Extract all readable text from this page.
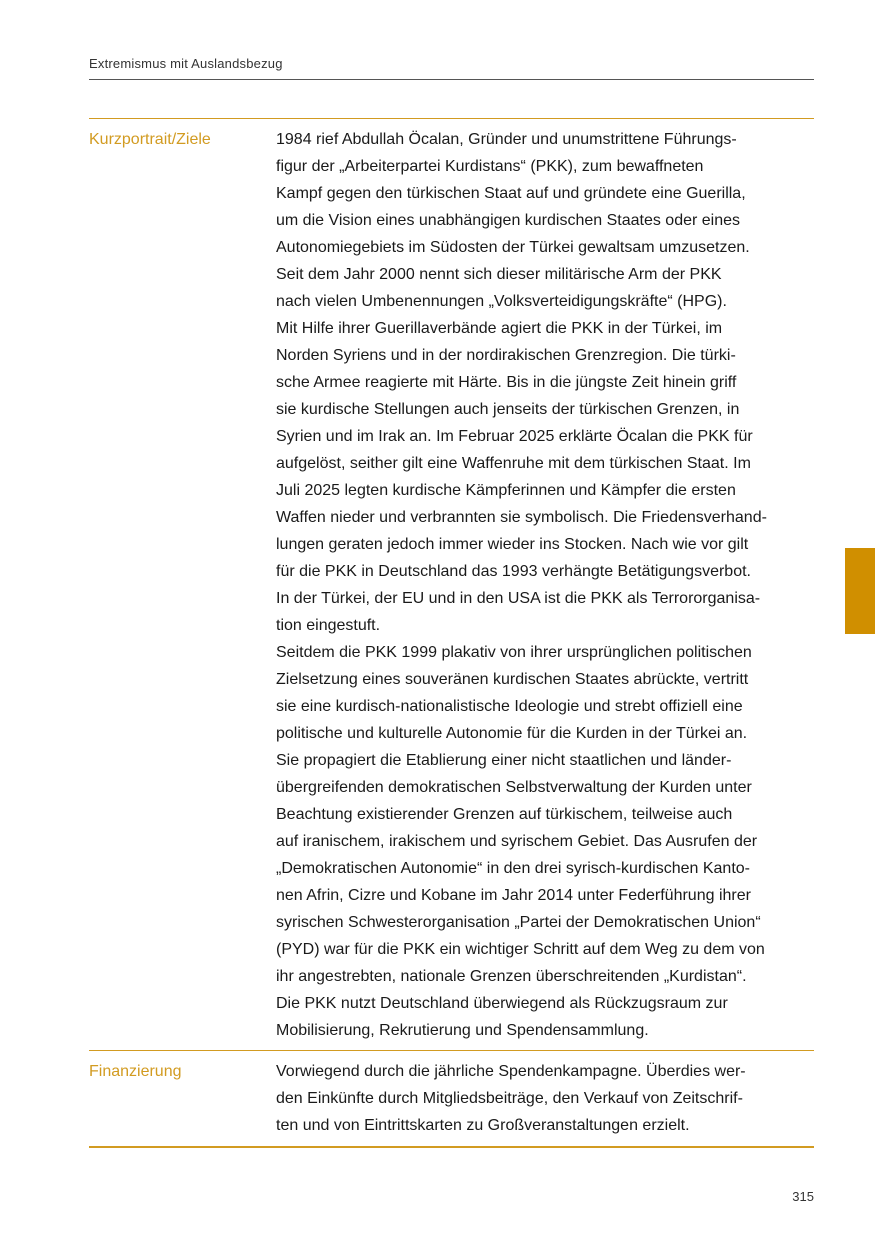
Extremismus mit Auslandsbezug
Kurzportrait/Ziele	1984 rief Abdullah Öcalan, Gründer und unumstrittene Führungs-
figur der „Arbeiterpartei Kurdistans“ (PKK), zum bewaffneten
Kampf gegen den türkischen Staat auf und gründete eine Guerilla,
um die Vision eines unabhängigen kurdischen Staates oder eines
Autonomiegebiets im Südosten der Türkei gewaltsam umzusetzen.
Seit dem Jahr 2000 nennt sich dieser militärische Arm der PKK
nach vielen Umbenennungen „Volksverteidigungskräfte“ (HPG).
Mit Hilfe ihrer Guerillaverbände agiert die PKK in der Türkei, im
Norden Syriens und in der nordirakischen Grenzregion. Die türki-
sche Armee reagierte mit Härte. Bis in die jüngste Zeit hinein griff
sie kurdische Stellungen auch jenseits der türkischen Grenzen, in
Syrien und im Irak an. Im Februar 2025 erklärte Öcalan die PKK für
aufgelöst, seither gilt eine Waffenruhe mit dem türkischen Staat. Im
Juli 2025 legten kurdische Kämpferinnen und Kämpfer die ersten
Waffen nieder und verbrannten sie symbolisch. Die Friedensverhand-
lungen geraten jedoch immer wieder ins Stocken. Nach wie vor gilt
für die PKK in Deutschland das 1993 verhängte Betätigungsverbot.
In der Türkei, der EU und in den USA ist die PKK als Terrororganisa-
tion eingestuft.

Seitdem die PKK 1999 plakativ von ihrer ursprünglichen politischen
Zielsetzung eines souveränen kurdischen Staates abrückte, vertritt
sie eine kurdisch-nationalistische Ideologie und strebt offiziell eine
politische und kulturelle Autonomie für die Kurden in der Türkei an.
Sie propagiert die Etablierung einer nicht staatlichen und länder-
übergreifenden demokratischen Selbstverwaltung der Kurden unter
Beachtung existierender Grenzen auf türkischem, teilweise auch
auf iranischem, irakischem und syrischem Gebiet. Das Ausrufen der
„Demokratischen Autonomie“ in den drei syrisch-kurdischen Kanto-
nen Afrin, Cizre und Kobane im Jahr 2014 unter Federführung ihrer
syrischen Schwesterorganisation „Partei der Demokratischen Union“
(PYD) war für die PKK ein wichtiger Schritt auf dem Weg zu dem von
ihr angestrebten, nationale Grenzen überschreitenden „Kurdistan“.
Die PKK nutzt Deutschland überwiegend als Rückzugsraum zur
Mobilisierung, Rekrutierung und Spendensammlung.

Finanzierung	Vorwiegend durch die jährliche Spendenkampagne. Überdies wer-
den Einkünfte durch Mitgliedsbeiträge, den Verkauf von Zeitschrif-
ten und von Eintrittskarten zu Großveranstaltungen erzielt.

315
